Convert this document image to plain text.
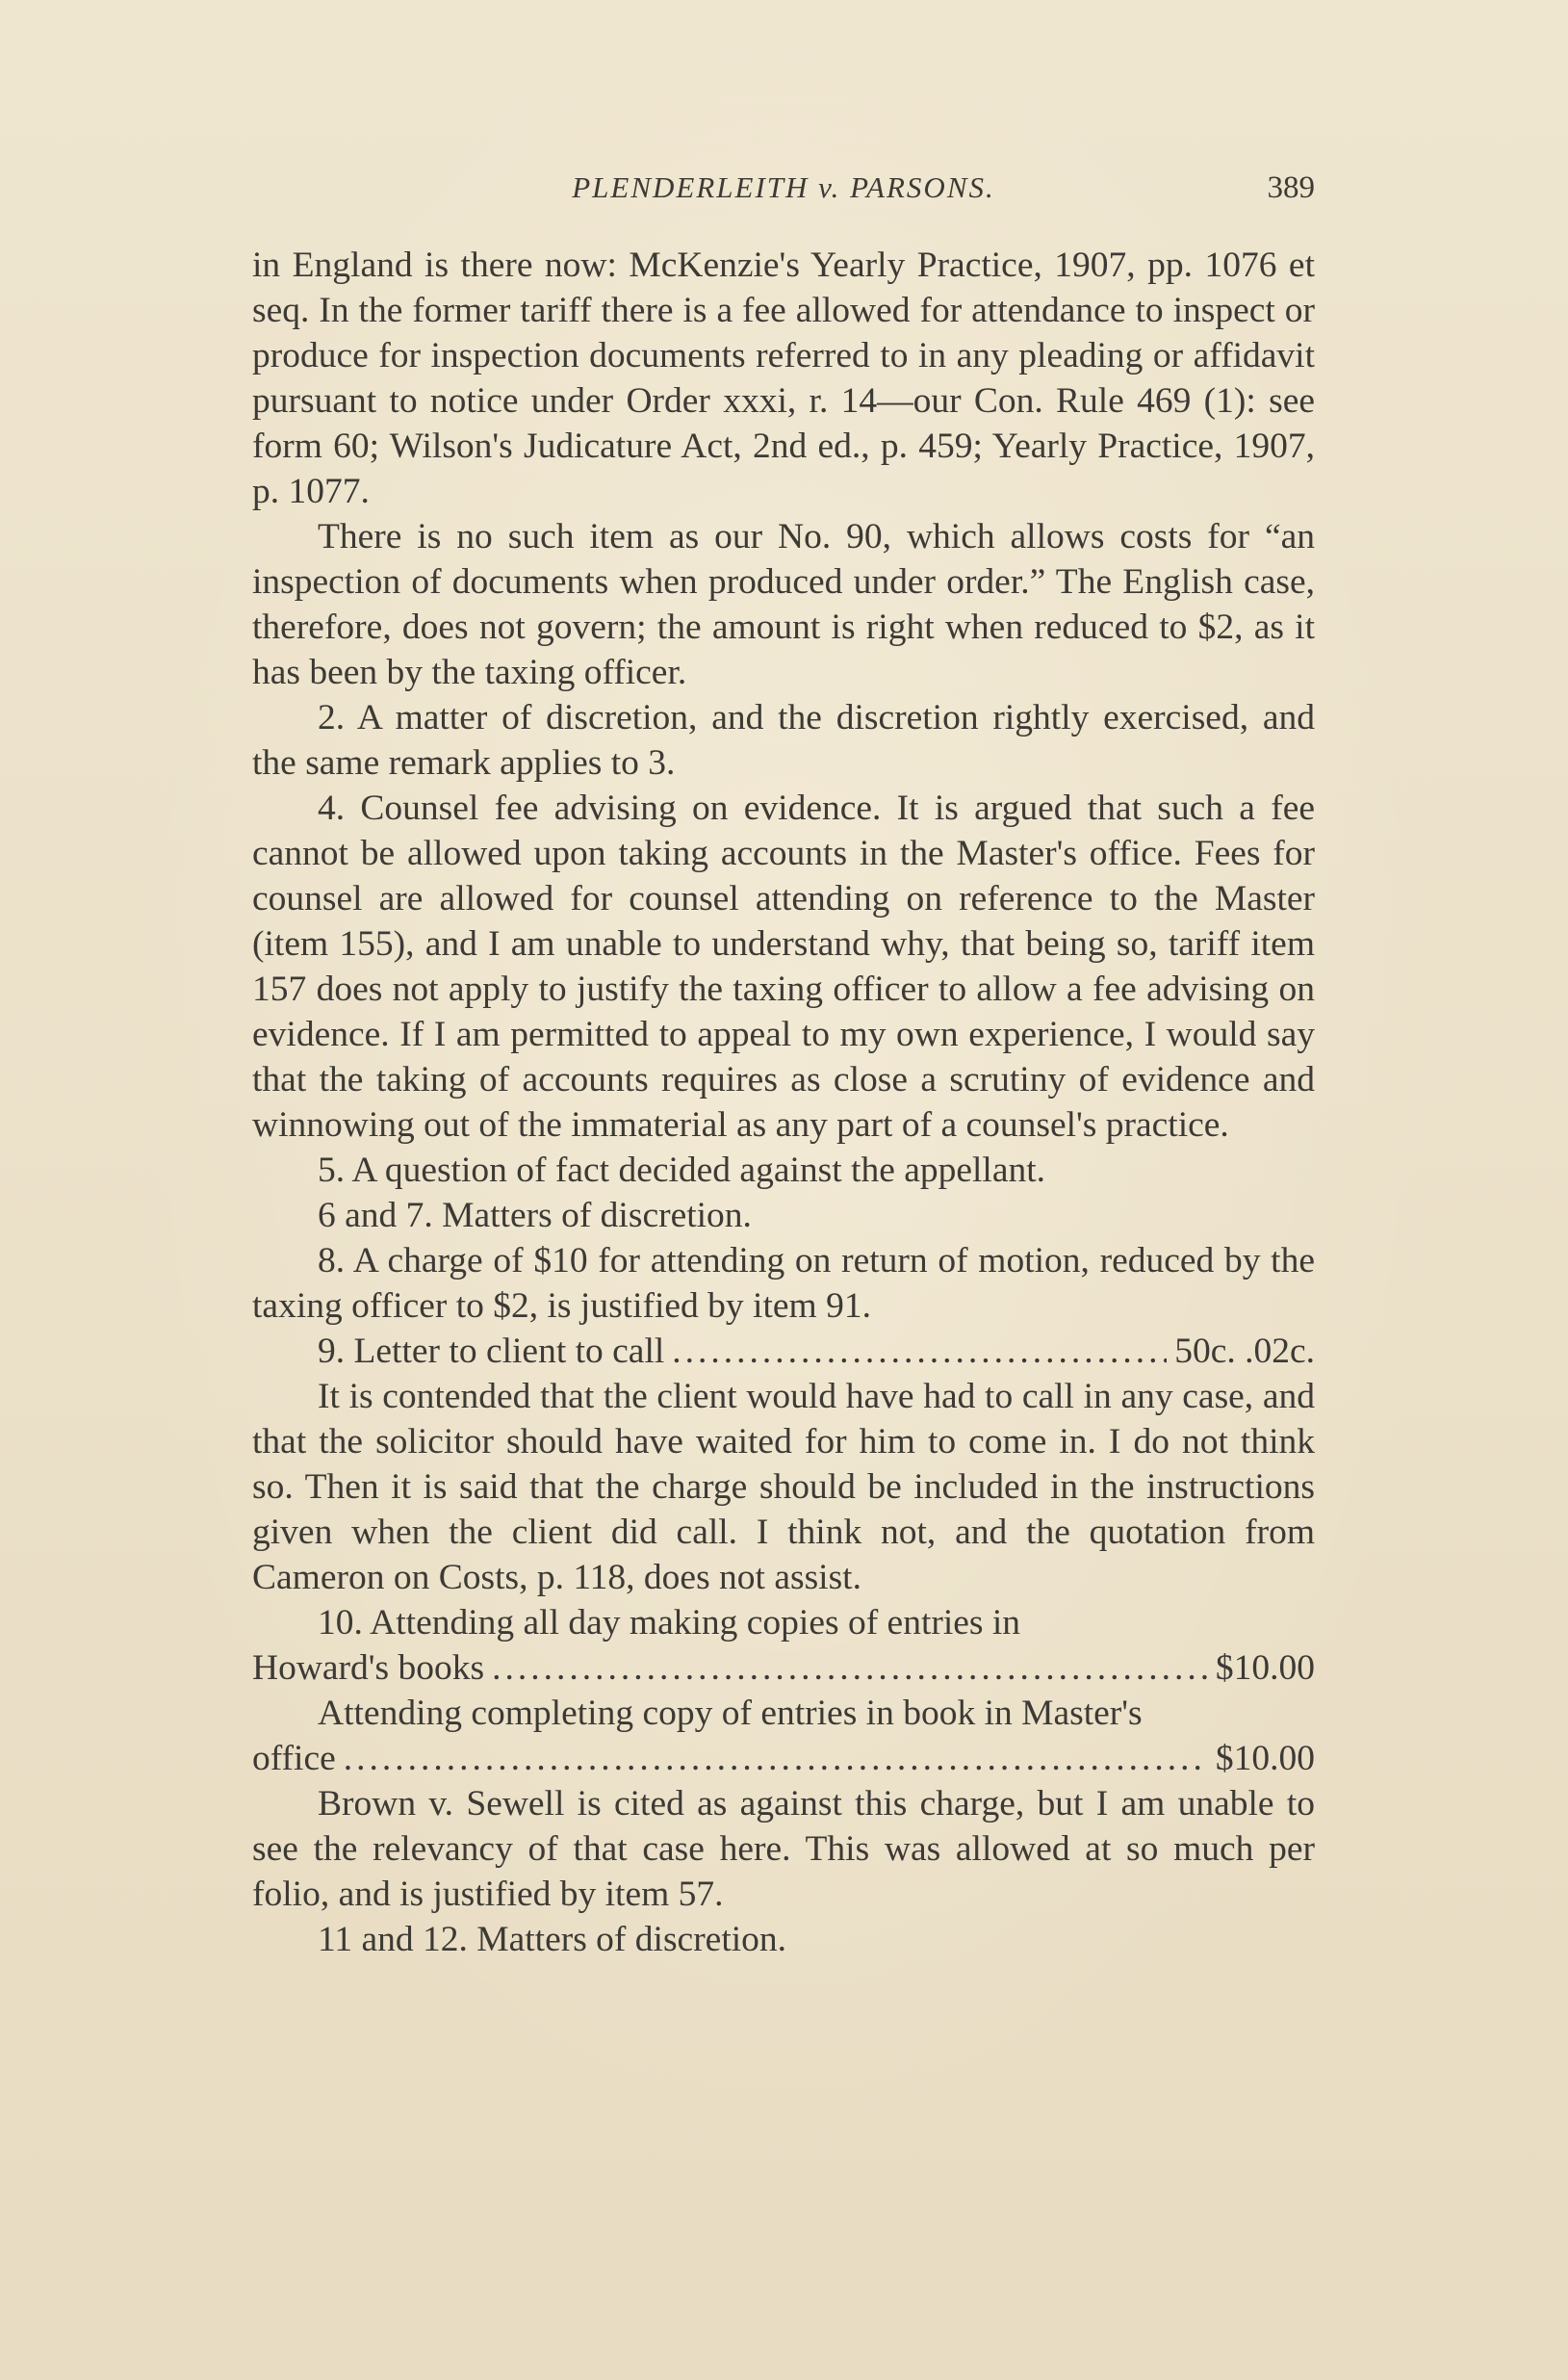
PLENDERLEITH v. PARSONS.	389

in England is there now: McKenzie's Yearly Practice, 1907, pp. 1076 et seq. In the former tariff there is a fee allowed for attendance to inspect or produce for inspection documents referred to in any pleading or affidavit pursuant to notice under Order xxxi, r. 14—our Con. Rule 469 (1): see form 60; Wilson's Judicature Act, 2nd ed., p. 459; Yearly Practice, 1907, p. 1077.

There is no such item as our No. 90, which allows costs for “an inspection of documents when produced under order.” The English case, therefore, does not govern; the amount is right when reduced to $2, as it has been by the taxing officer.

2. A matter of discretion, and the discretion rightly exercised, and the same remark applies to 3.

4. Counsel fee advising on evidence. It is argued that such a fee cannot be allowed upon taking accounts in the Master's office. Fees for counsel are allowed for counsel attending on reference to the Master (item 155), and I am unable to understand why, that being so, tariff item 157 does not apply to justify the taxing officer to allow a fee advising on evidence. If I am permitted to appeal to my own experience, I would say that the taking of accounts requires as close a scrutiny of evidence and winnowing out of the immaterial as any part of a counsel's practice.

5. A question of fact decided against the appellant.

6 and 7. Matters of discretion.

8. A charge of $10 for attending on return of motion, reduced by the taxing officer to $2, is justified by item 91.

9. Letter to client to call .....	50c. .02c.

It is contended that the client would have had to call in any case, and that the solicitor should have waited for him to come in. I do not think so. Then it is said that the charge should be included in the instructions given when the client did call. I think not, and the quotation from Cameron on Costs, p. 118, does not assist.

10. Attending all day making copies of entries in

Howard's books .....	$10.00

Attending completing copy of entries in book in Master's

office .....	$10.00

Brown v. Sewell is cited as against this charge, but I am unable to see the relevancy of that case here. This was allowed at so much per folio, and is justified by item 57.

11 and 12. Matters of discretion.
